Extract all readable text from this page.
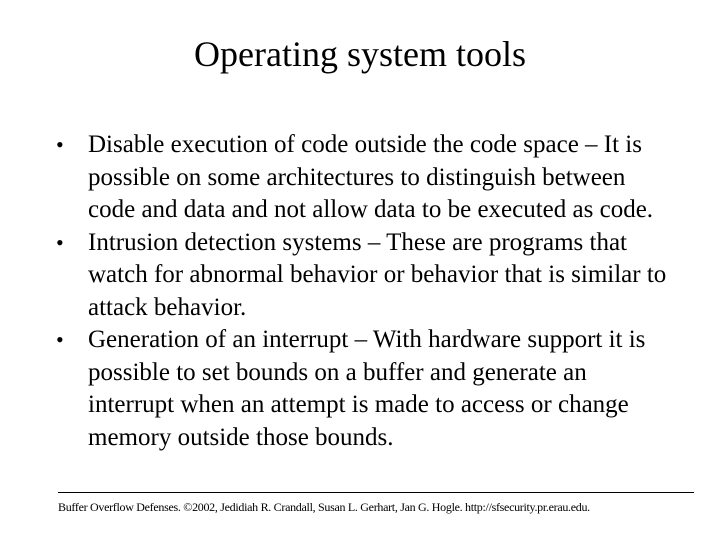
Operating system tools
• Disable execution of code outside the code space – It is possible on some architectures to distinguish between code and data and not allow data to be executed as code.
• Intrusion detection systems – These are programs that watch for abnormal behavior or behavior that is similar to attack behavior.
• Generation of an interrupt – With hardware support it is possible to set bounds on a buffer and generate an interrupt when an attempt is made to access or change memory outside those bounds.
Buffer Overflow Defenses. ©2002, Jedidiah R. Crandall, Susan L. Gerhart, Jan G. Hogle. http://sfsecurity.pr.erau.edu.
